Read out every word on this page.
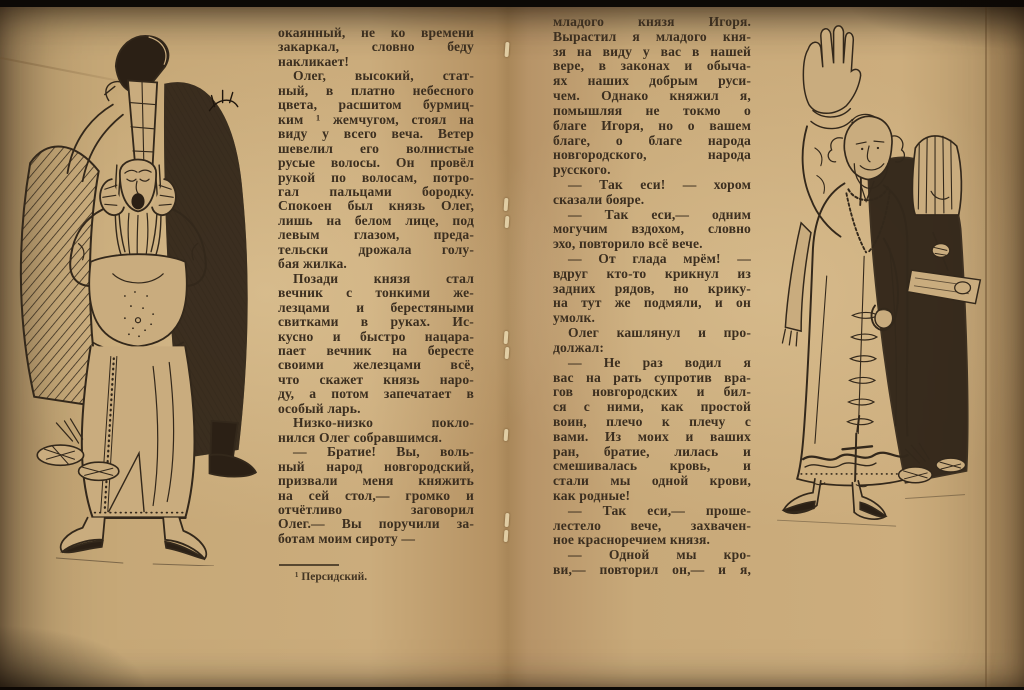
окаянный, не ко времени
закаркал, словно беду
накликает!
Олег, высокий, стат-
ный, в платно небесного
цвета, расшитом бурмиц-
ким ¹ жемчугом, стоял на
виду у всего веча. Ветер
шевелил его волнистые
русые волосы. Он провёл
рукой по волосам, потро-
гал пальцами бородку.
Спокоен был князь Олег,
лишь на белом лице, под
левым глазом, преда-
тельски дрожала голу-
бая жилка.
Позади князя стал
вечник с тонкими же-
лезцами и берестяными
свитками в руках. Ис-
кусно и быстро нацара-
пает вечник на бересте
своими железцами всё,
что скажет князь наро-
ду, а потом запечатает в
особый ларь.
Низко-низко покло-
нился Олег собравшимся.
— Братие! Вы, воль-
ный народ новгородский,
призвали меня княжить
на сей стол,— громко и
отчётливо заговорил
Олег.— Вы поручили за-
ботам моим сироту —
¹ Персидский.
младого князя Игоря.
Вырастил я младого кня-
зя на виду у вас в нашей
вере, в законах и обыча-
ях наших добрым руси-
чем. Однако княжил я,
помышляя не токмо о
благе Игоря, но о вашем
благе, о благе народа
новгородского, народа
русского.
— Так еси! — хором
сказали бояре.
— Так еси,— одним
могучим вздохом, словно
эхо, повторило всё вече.
— От глада мрём! —
вдруг кто-то крикнул из
задних рядов, но крику-
на тут же подмяли, и он
умолк.
Олег кашлянул и про-
должал:
— Не раз водил я
вас на рать супротив вра-
гов новгородских и бил-
ся с ними, как простой
воин, плечо к плечу с
вами. Из моих и ваших
ран, братие, лилась и
смешивалась кровь, и
стали мы одной крови,
как родные!
— Так еси,— проше-
лестело вече, захвачен-
ное красноречием князя.
— Одной мы кро-
ви,— повторил он,— и я,
